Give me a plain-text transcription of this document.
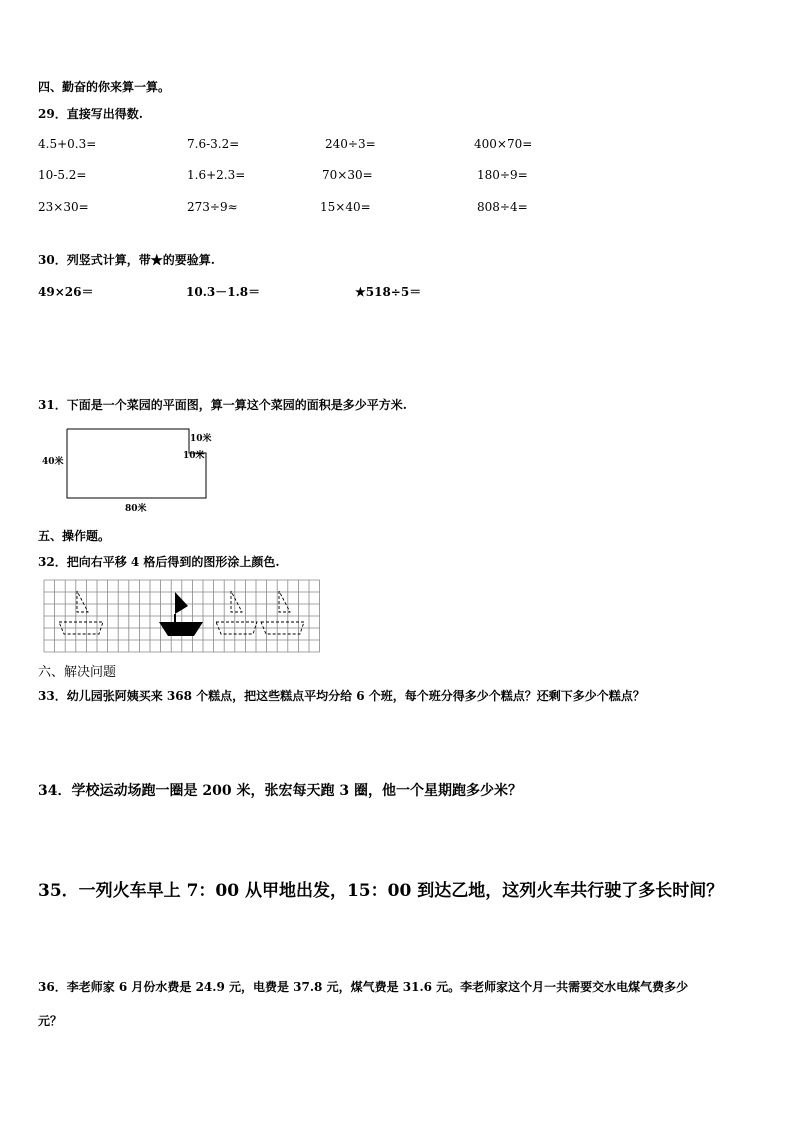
四、勤奋的你来算一算。
29．直接写出得数.
4.5+0.3=	7.6-3.2=	240÷3=	400×70=
10-5.2=	1.6+2.3=	70×30=	180÷9=
23×30=	273÷9≈	15×40=	808÷4=
30．列竖式计算，带★的要验算.
49×26＝	10.3－1.8＝	★518÷5＝
31．下面是一个菜园的平面图，算一算这个菜园的面积是多少平方米.
10米
10米
40米
80米
五、操作题。
32．把向右平移 4 格后得到的图形涂上颜色.
六、解决问题
33．幼儿园张阿姨买来 368 个糕点，把这些糕点平均分给 6 个班，每个班分得多少个糕点？还剩下多少个糕点？
34．学校运动场跑一圈是 200 米，张宏每天跑 3 圈，他一个星期跑多少米？
35．一列火车早上 7：00 从甲地出发，15：00 到达乙地，这列火车共行驶了多长时间？
36．李老师家 6 月份水费是 24.9 元，电费是 37.8 元，煤气费是 31.6 元。李老师家这个月一共需要交水电煤气费多少
元？
